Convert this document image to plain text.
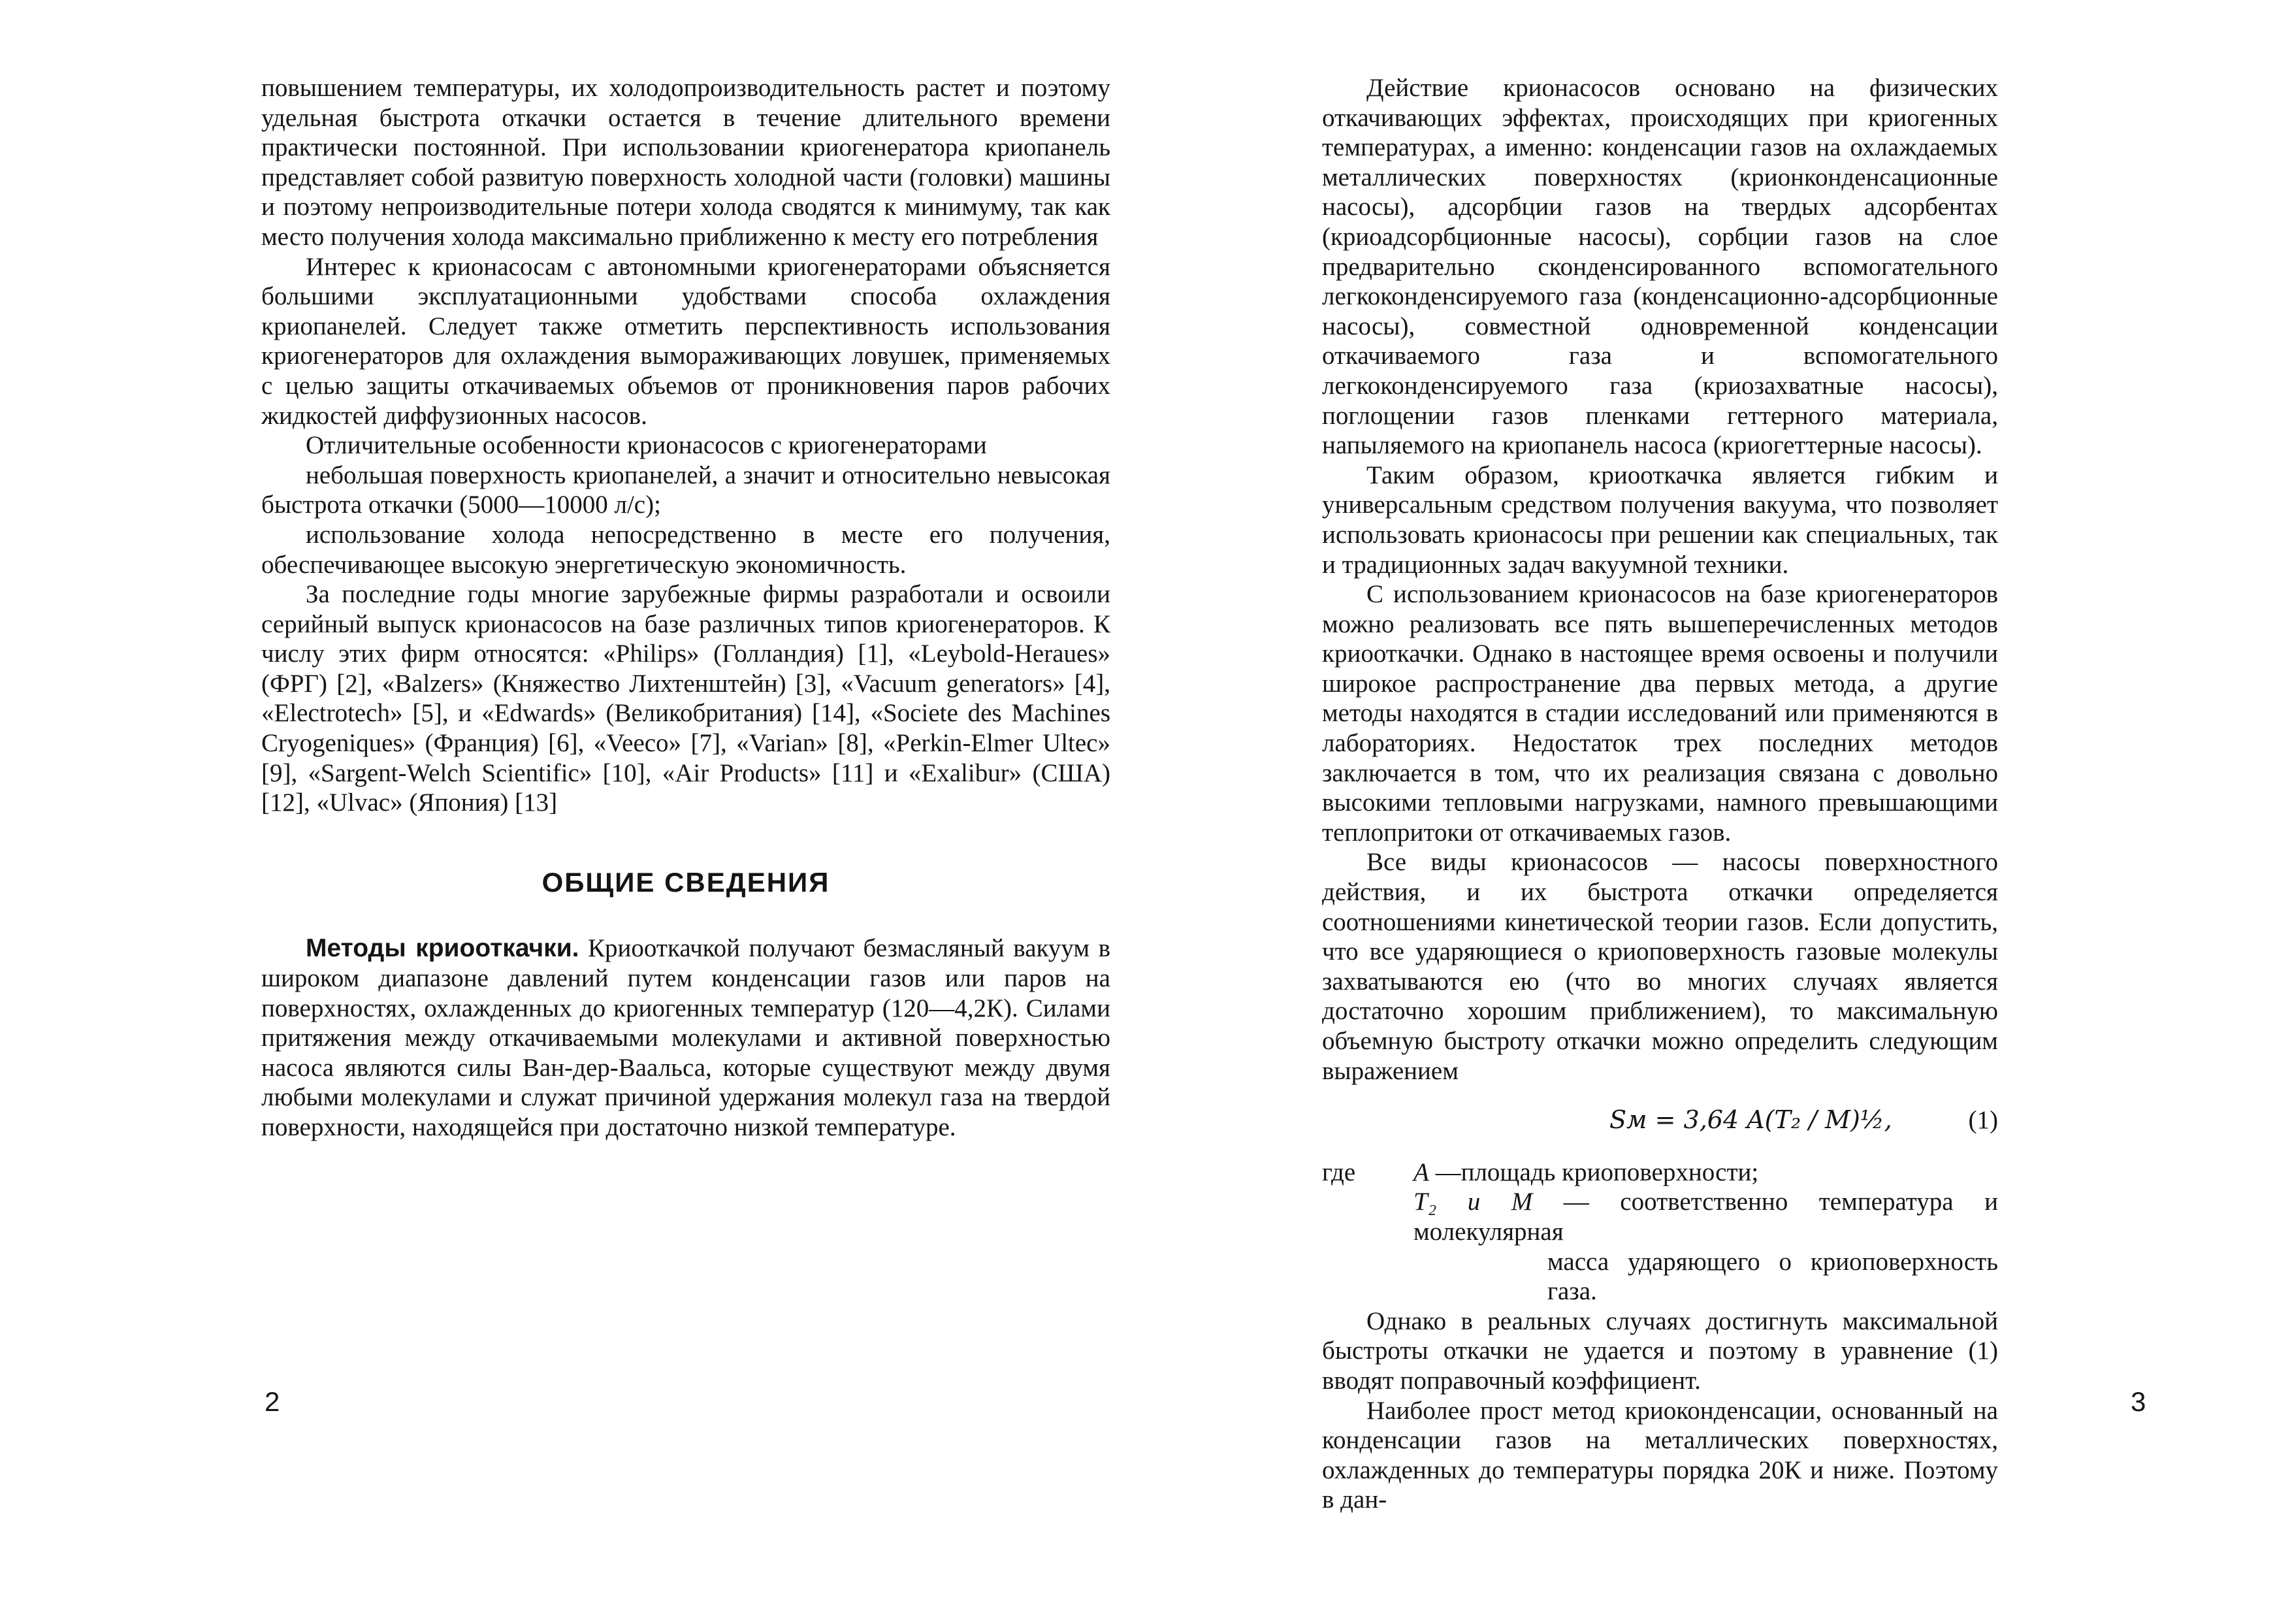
повышением температуры, их холодопроизводительность растет и поэтому удельная быстрота откачки остается в течение длительного времени практически постоянной. При использовании криогенератора криопанель представляет собой развитую поверхность холодной части (головки) машины и поэтому непроизводительные потери холода сводятся к минимуму, так как место получения холода максимально приближенно к месту его потребления

Интерес к крионасосам с автономными криогенераторами объясняется большими эксплуатационными удобствами способа охлаждения криопанелей. Следует также отметить перспективность использования криогенераторов для охлаждения вымораживающих ловушек, применяемых с целью защиты откачиваемых объемов от проникновения паров рабочих жидкостей диффузионных насосов.

Отличительные особенности крионасосов с криогенераторами

небольшая поверхность криопанелей, а значит и относительно невысокая быстрота откачки (5000—10000 л/с);

использование холода непосредственно в месте его получения, обеспечивающее высокую энергетическую экономичность.

За последние годы многие зарубежные фирмы разработали и освоили серийный выпуск крионасосов на базе различных типов криогенераторов. К числу этих фирм относятся: «Philips» (Голландия) [1], «Leybold-Heraues» (ФРГ) [2], «Balzers» (Княжество Лихтенштейн) [3], «Vacuum generators» [4], «Electrotech» [5], и «Edwards» (Великобритания) [14], «Societe des Machines Cryogeniques» (Франция) [6], «Veeco» [7], «Varian» [8], «Perkin-Elmer Ultec» [9], «Sargent-Welch Scientific» [10], «Air Products» [11] и «Exalibur» (США) [12], «Ulvac» (Япония) [13]

ОБЩИЕ СВЕДЕНИЯ

Методы криооткачки. Криооткачкой получают безмасляный вакуум в широком диапазоне давлений путем конденсации газов или паров на поверхностях, охлажденных до криогенных температур (120—4,2К). Силами притяжения между откачиваемыми молекулами и активной поверхностью насоса являются силы Ван-дер-Ваальса, которые существуют между двумя любыми молекулами и служат причиной удержания молекул газа на твердой поверхности, находящейся при достаточно низкой температуре.

2

Действие крионасосов основано на физических откачивающих эффектах, происходящих при криогенных температурах, а именно: конденсации газов на охлаждаемых металлических поверхностях (крионконденсационные насосы), адсорбции газов на твердых адсорбентах (криоадсорбционные насосы), сорбции газов на слое предварительно сконденсированного вспомогательного легкоконденсируемого газа (конденсационно-адсорбционные насосы), совместной одновременной конденсации откачиваемого газа и вспомогательного легкоконденсируемого газа (криозахватные насосы), поглощении газов пленками геттерного материала, напыляемого на криопанель насоса (криогеттерные насосы).

Таким образом, криооткачка является гибким и универсальным средством получения вакуума, что позволяет использовать крионасосы при решении как специальных, так и традиционных задач вакуумной техники.

С использованием крионасосов на базе криогенераторов можно реализовать все пять вышеперечисленных методов криооткачки. Однако в настоящее время освоены и получили широкое распространение два первых метода, а другие методы находятся в стадии исследований или применяются в лабораториях. Недостаток трех последних методов заключается в том, что их реализация связана с довольно высокими тепловыми нагрузками, намного превышающими теплопритоки от откачиваемых газов.

Все виды крионасосов — насосы поверхностного действия, и их быстрота откачки определяется соотношениями кинетической теории газов. Если допустить, что все ударяющиеся о криоповерхность газовые молекулы захватываются ею (что во многих случаях является достаточно хорошим приближением), то максимальную объемную быстроту откачки можно определить следующим выражением

Sм = 3,64 A(T₂ / M)½,	(1)
где	A —площадь криоповерхности;
T₂ и M — соответственно температура и молекулярная
масса ударяющего о криоповерхность газа.

Однако в реальных случаях достигнуть максимальной быстроты откачки не удается и поэтому в уравнение (1) вводят поправочный коэффициент.

Наиболее прост метод криоконденсации, основанный на конденсации газов на металлических поверхностях, охлажденных до температуры порядка 20К и ниже. Поэтому в дан-

3
